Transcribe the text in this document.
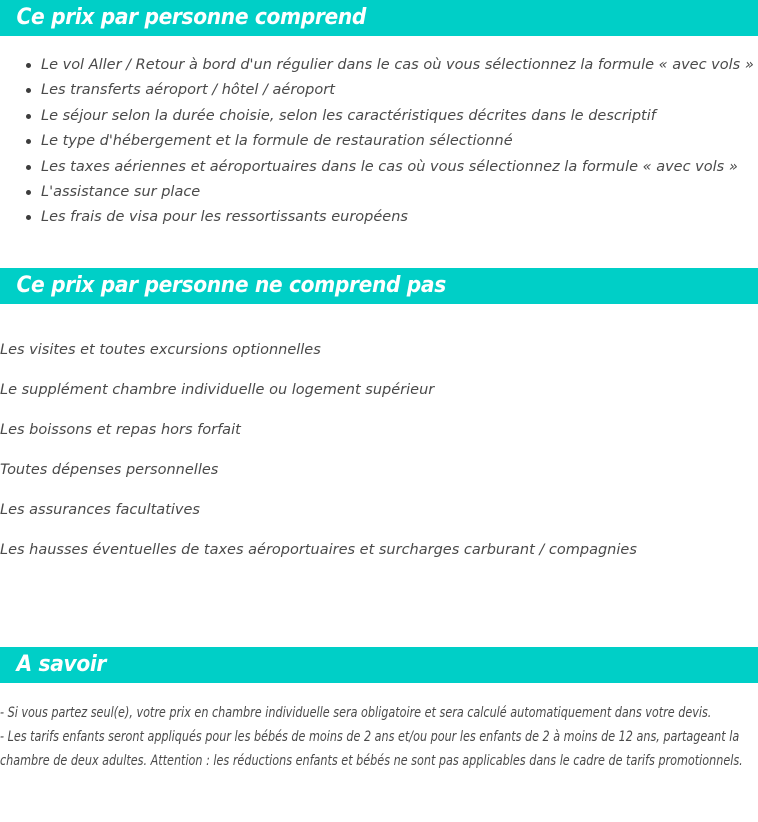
Ce prix par personne comprend
Le vol Aller / Retour à bord d'un régulier dans le cas où vous sélectionnez la formule « avec vols »
Les transferts aéroport / hôtel / aéroport
Le séjour selon la durée choisie, selon les caractéristiques décrites dans le descriptif
Le type d'hébergement et la formule de restauration sélectionné
Les taxes aériennes et aéroportuaires dans le cas où vous sélectionnez la formule « avec vols »
L'assistance sur place
Les frais de visa pour les ressortissants européens
Ce prix par personne ne comprend pas
Les visites et toutes excursions optionnelles
Le supplément chambre individuelle ou logement supérieur
Les boissons et repas hors forfait
Toutes dépenses personnelles
Les assurances facultatives
Les hausses éventuelles de taxes aéroportuaires et surcharges carburant / compagnies
A savoir

- Si vous partez seul(e), votre prix en chambre individuelle sera obligatoire et sera calculé automatiquement dans votre devis.

- Les tarifs enfants seront appliqués pour les bébés de moins de 2 ans et/ou pour les enfants de 2 à moins de 12 ans, partageant la chambre de deux adultes. Attention : les réductions enfants et bébés ne sont pas applicables dans le cadre de tarifs promotionnels.
